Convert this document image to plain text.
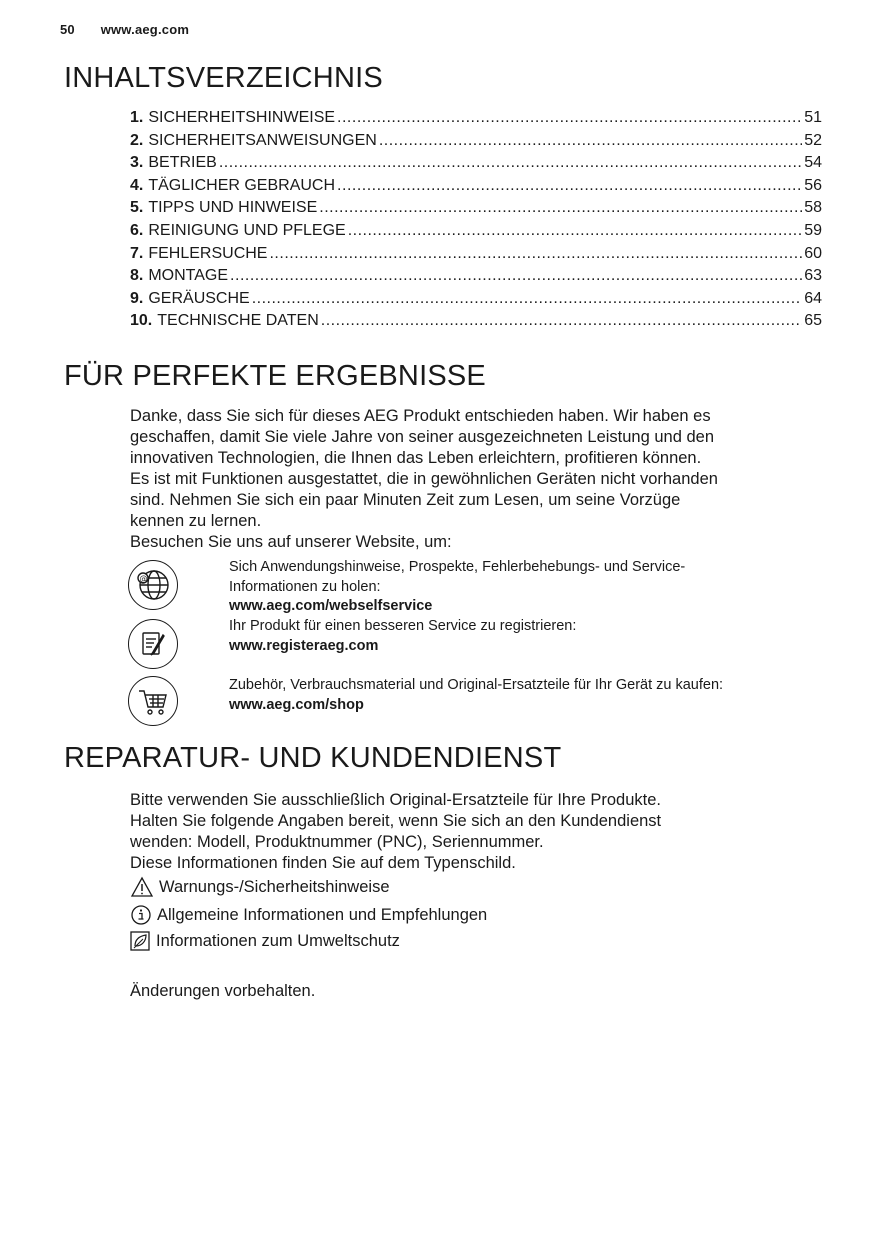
50 www.aeg.com
INHALTSVERZEICHNIS
1. SICHERHEITSHINWEISE .....	51
2. SICHERHEITSANWEISUNGEN .....	52
3. BETRIEB .....	54
4. TÄGLICHER GEBRAUCH .....	56
5. TIPPS UND HINWEISE .....	58
6. REINIGUNG UND PFLEGE .....	59
7. FEHLERSUCHE .....	60
8. MONTAGE .....	63
9. GERÄUSCHE .....	64
10. TECHNISCHE DATEN .....	65
FÜR PERFEKTE ERGEBNISSE

Danke, dass Sie sich für dieses AEG Produkt entschieden haben. Wir haben es

geschaffen, damit Sie viele Jahre von seiner ausgezeichneten Leistung und den

innovativen Technologien, die Ihnen das Leben erleichtern, profitieren können.

Es ist mit Funktionen ausgestattet, die in gewöhnlichen Geräten nicht vorhanden

sind. Nehmen Sie sich ein paar Minuten Zeit zum Lesen, um seine Vorzüge

kennen zu lernen.

Besuchen Sie uns auf unserer Website, um:

@
Sich Anwendungshinweise, Prospekte, Fehlerbehebungs- und Service-
Informationen zu holen:
www.aeg.com/webselfservice
Ihr Produkt für einen besseren Service zu registrieren:
www.registeraeg.com
Zubehör, Verbrauchsmaterial und Original-Ersatzteile für Ihr Gerät zu kaufen:
www.aeg.com/shop
REPARATUR- UND KUNDENDIENST

Bitte verwenden Sie ausschließlich Original-Ersatzteile für Ihre Produkte.

Halten Sie folgende Angaben bereit, wenn Sie sich an den Kundendienst

wenden: Modell, Produktnummer (PNC), Seriennummer.

Diese Informationen finden Sie auf dem Typenschild.

Warnungs-/Sicherheitshinweise
Allgemeine Informationen und Empfehlungen
Informationen zum Umweltschutz
Änderungen vorbehalten.
